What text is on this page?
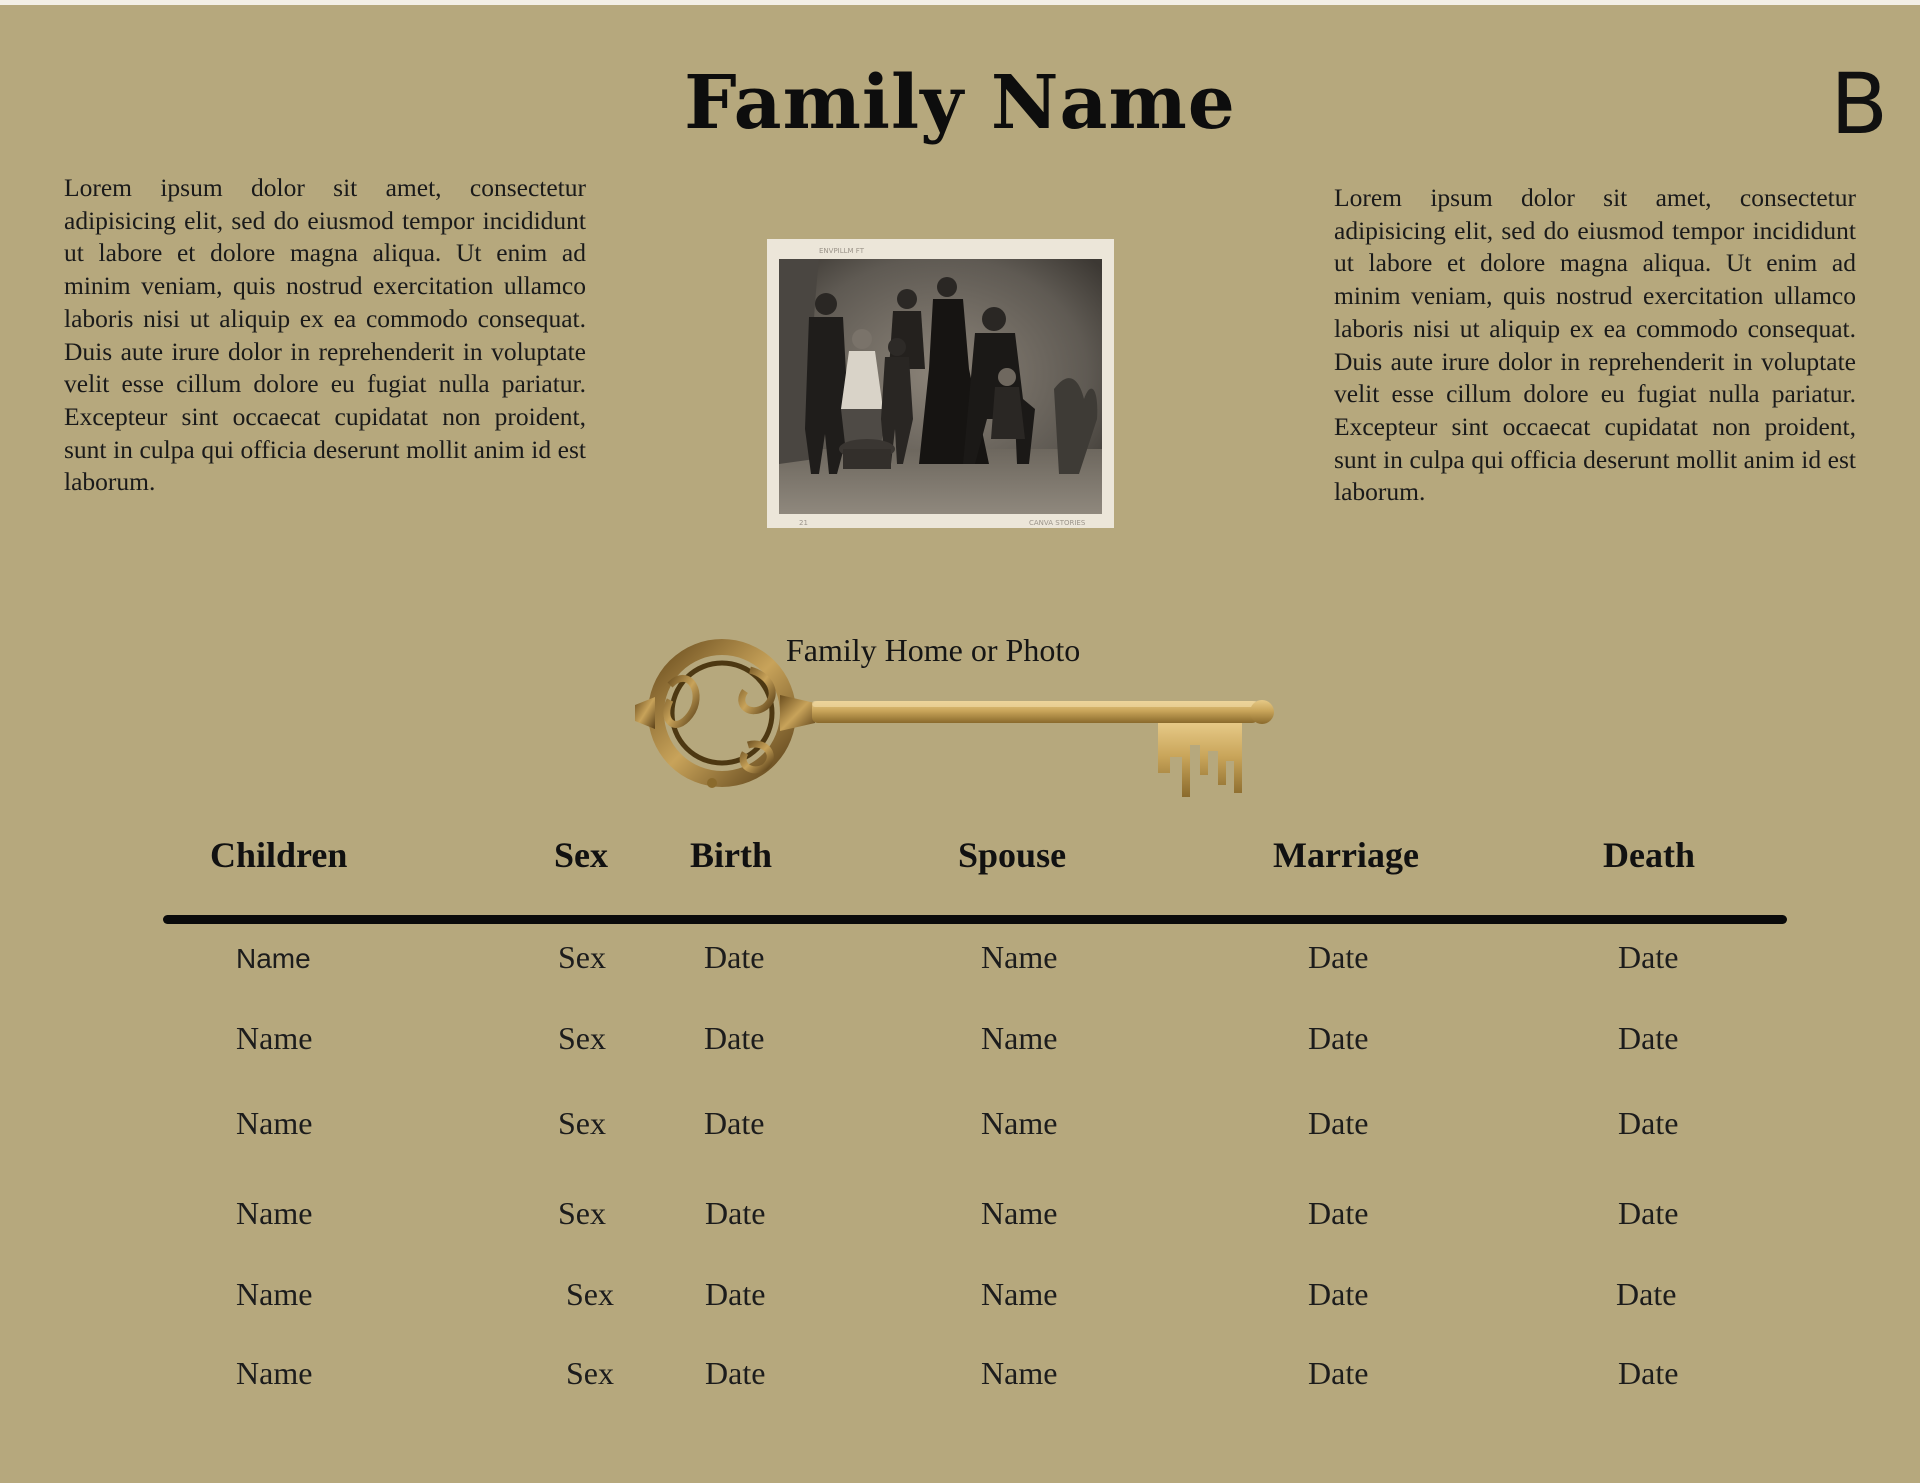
Family Name	B
Lorem ipsum dolor sit amet, consectetur adipisicing elit, sed do eiusmod tempor incididunt ut labore et dolore magna aliqua. Ut enim ad minim veniam, quis nostrud exercitation ullamco laboris nisi ut aliquip ex ea commodo consequat. Duis aute irure dolor in reprehenderit in voluptate velit esse cillum dolore eu fugiat nulla pariatur. Excepteur sint occaecat cupidatat non proident, sunt in culpa qui officia deserunt mollit anim id est laborum.
Lorem ipsum dolor sit amet, consectetur adipisicing elit, sed do eiusmod tempor incididunt ut labore et dolore magna aliqua. Ut enim ad minim veniam, quis nostrud exercitation ullamco laboris nisi ut aliquip ex ea commodo consequat. Duis aute irure dolor in reprehenderit in voluptate velit esse cillum dolore eu fugiat nulla pariatur. Excepteur sint occaecat cupidatat non proident, sunt in culpa qui officia deserunt mollit anim id est laborum.
ENVPILLM FT
21	CANVA STORIES
Family Home or Photo
Children	Sex Birth	Spouse	Marriage	Death
Name	Sex	Date	Name	Date	Date
Name	Sex	Date	Name	Date	Date
Name	Sex	Date	Name	Date	Date
Name	Sex	Date	Name	Date	Date
Name	Sex	Date	Name	Date	Date
Name	Sex	Date	Name	Date	Date
